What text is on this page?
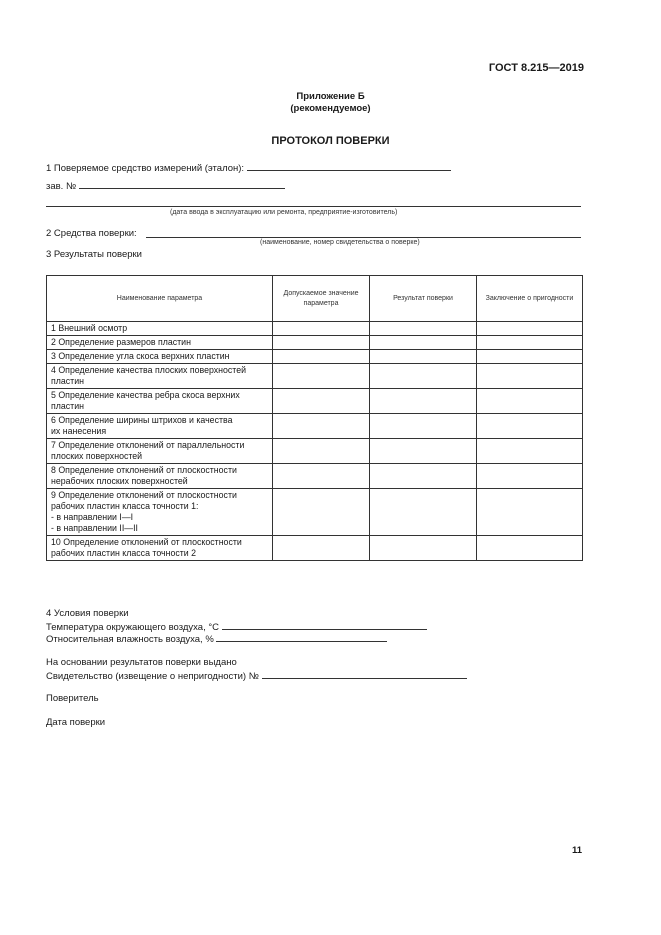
ГОСТ 8.215—2019
Приложение Б
(рекомендуемое)
ПРОТОКОЛ ПОВЕРКИ
1 Поверяемое средство измерений (эталон):
зав. №
(дата ввода в эксплуатацию или ремонта, предприятие-изготовитель)
2 Средства поверки:
(наименование, номер свидетельства о поверке)
3 Результаты поверки
Наименование параметра	Допускаемое значение параметра	Результат поверки	Заключение о пригодности

1 Внешний осмотр			

2 Определение размеров пластин			

3 Определение угла скоса верхних пластин			

4 Определение качества плоских поверхностей
пластин			

5 Определение качества ребра скоса верхних
пластин			

6 Определение ширины штрихов и качества
их нанесения			

7 Определение отклонений от параллельности
плоских поверхностей			

8 Определение отклонений от плоскостности
нерабочих плоских поверхностей			

9 Определение отклонений от плоскостности
рабочих пластин класса точности 1:
- в направлении I—I
- в направлении II—II			

10 Определение отклонений от плоскостности
рабочих пластин класса точности 2			

4 Условия поверки
Температура окружающего воздуха, °С
Относительная влажность воздуха, %
На основании результатов поверки выдано
Свидетельство (извещение о непригодности) №
Поверитель
Дата поверки
11
